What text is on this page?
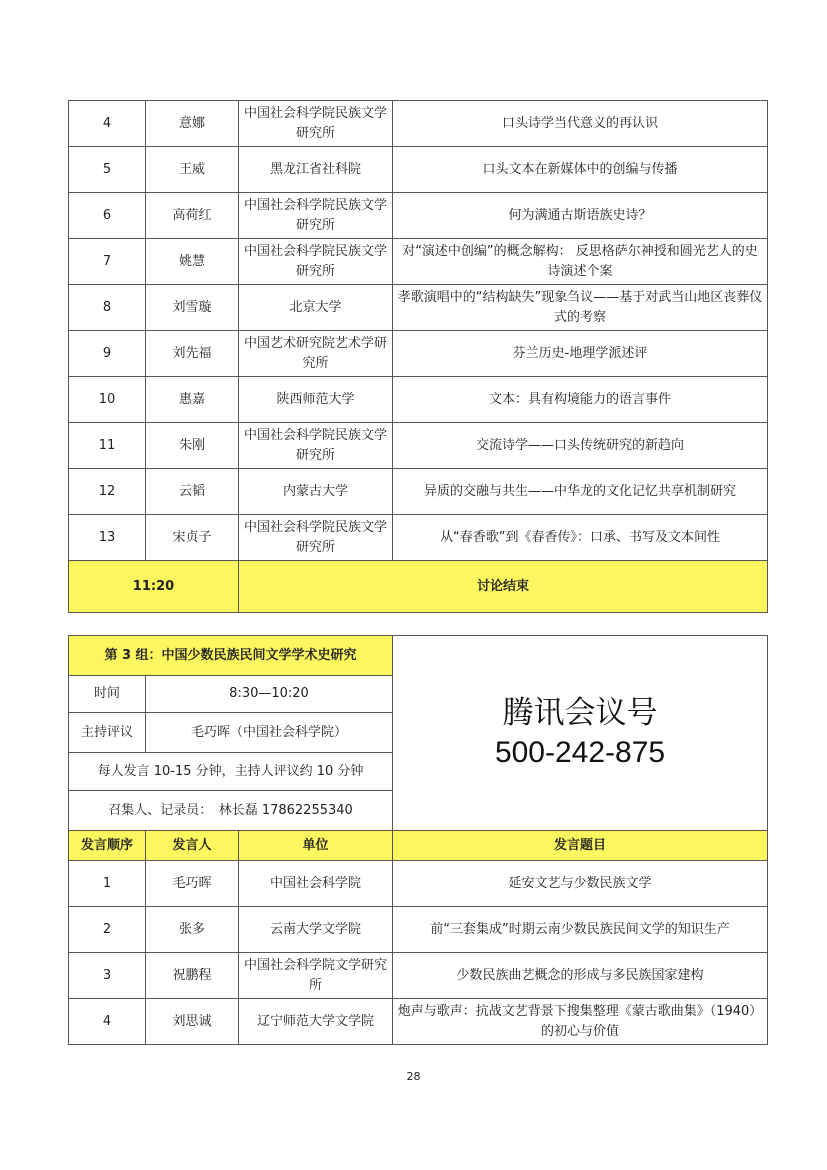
4	意娜	中国社会科学院民族文学研究所	口头诗学当代意义的再认识
5	王威	黑龙江省社科院	口头文本在新媒体中的创编与传播
6	高荷红	中国社会科学院民族文学研究所	何为满通古斯语族史诗？
7	姚慧	中国社会科学院民族文学研究所	对“演述中创编”的概念解构： 反思格萨尔神授和圆光艺人的史诗演述个案
8	刘雪璇	北京大学	孝歌演唱中的“结构缺失”现象刍议——基于对武当山地区丧葬仪式的考察
9	刘先福	中国艺术研究院艺术学研究所	芬兰历史-地理学派述评
10	惠嘉	陕西师范大学	文本：具有构境能力的语言事件
11	朱刚	中国社会科学院民族文学研究所	交流诗学——口头传统研究的新趋向
12	云韬	内蒙古大学	异质的交融与共生——中华龙的文化记忆共享机制研究
13	宋贞子	中国社会科学院民族文学研究所	从“春香歌”到《春香传》：口承、书写及文本间性
11:20		讨论结束	
第 3 组：中国少数民族民间文学学术史研究			腾讯会议号
500-242-875

时间	8:30—10:20		
主持评议	毛巧晖（中国社会科学院）		
每人发言 10-15 分钟，主持人评议约 10 分钟			
召集人、记录员：　林长磊 17862255340			
发言顺序	发言人	单位	发言题目
1	毛巧晖	中国社会科学院	延安文艺与少数民族文学
2	张多	云南大学文学院	前“三套集成”时期云南少数民族民间文学的知识生产
3	祝鹏程	中国社会科学院文学研究所	少数民族曲艺概念的形成与多民族国家建构
4	刘思诚	辽宁师范大学文学院	炮声与歌声：抗战文艺背景下搜集整理《蒙古歌曲集》（1940）的初心与价值
28
